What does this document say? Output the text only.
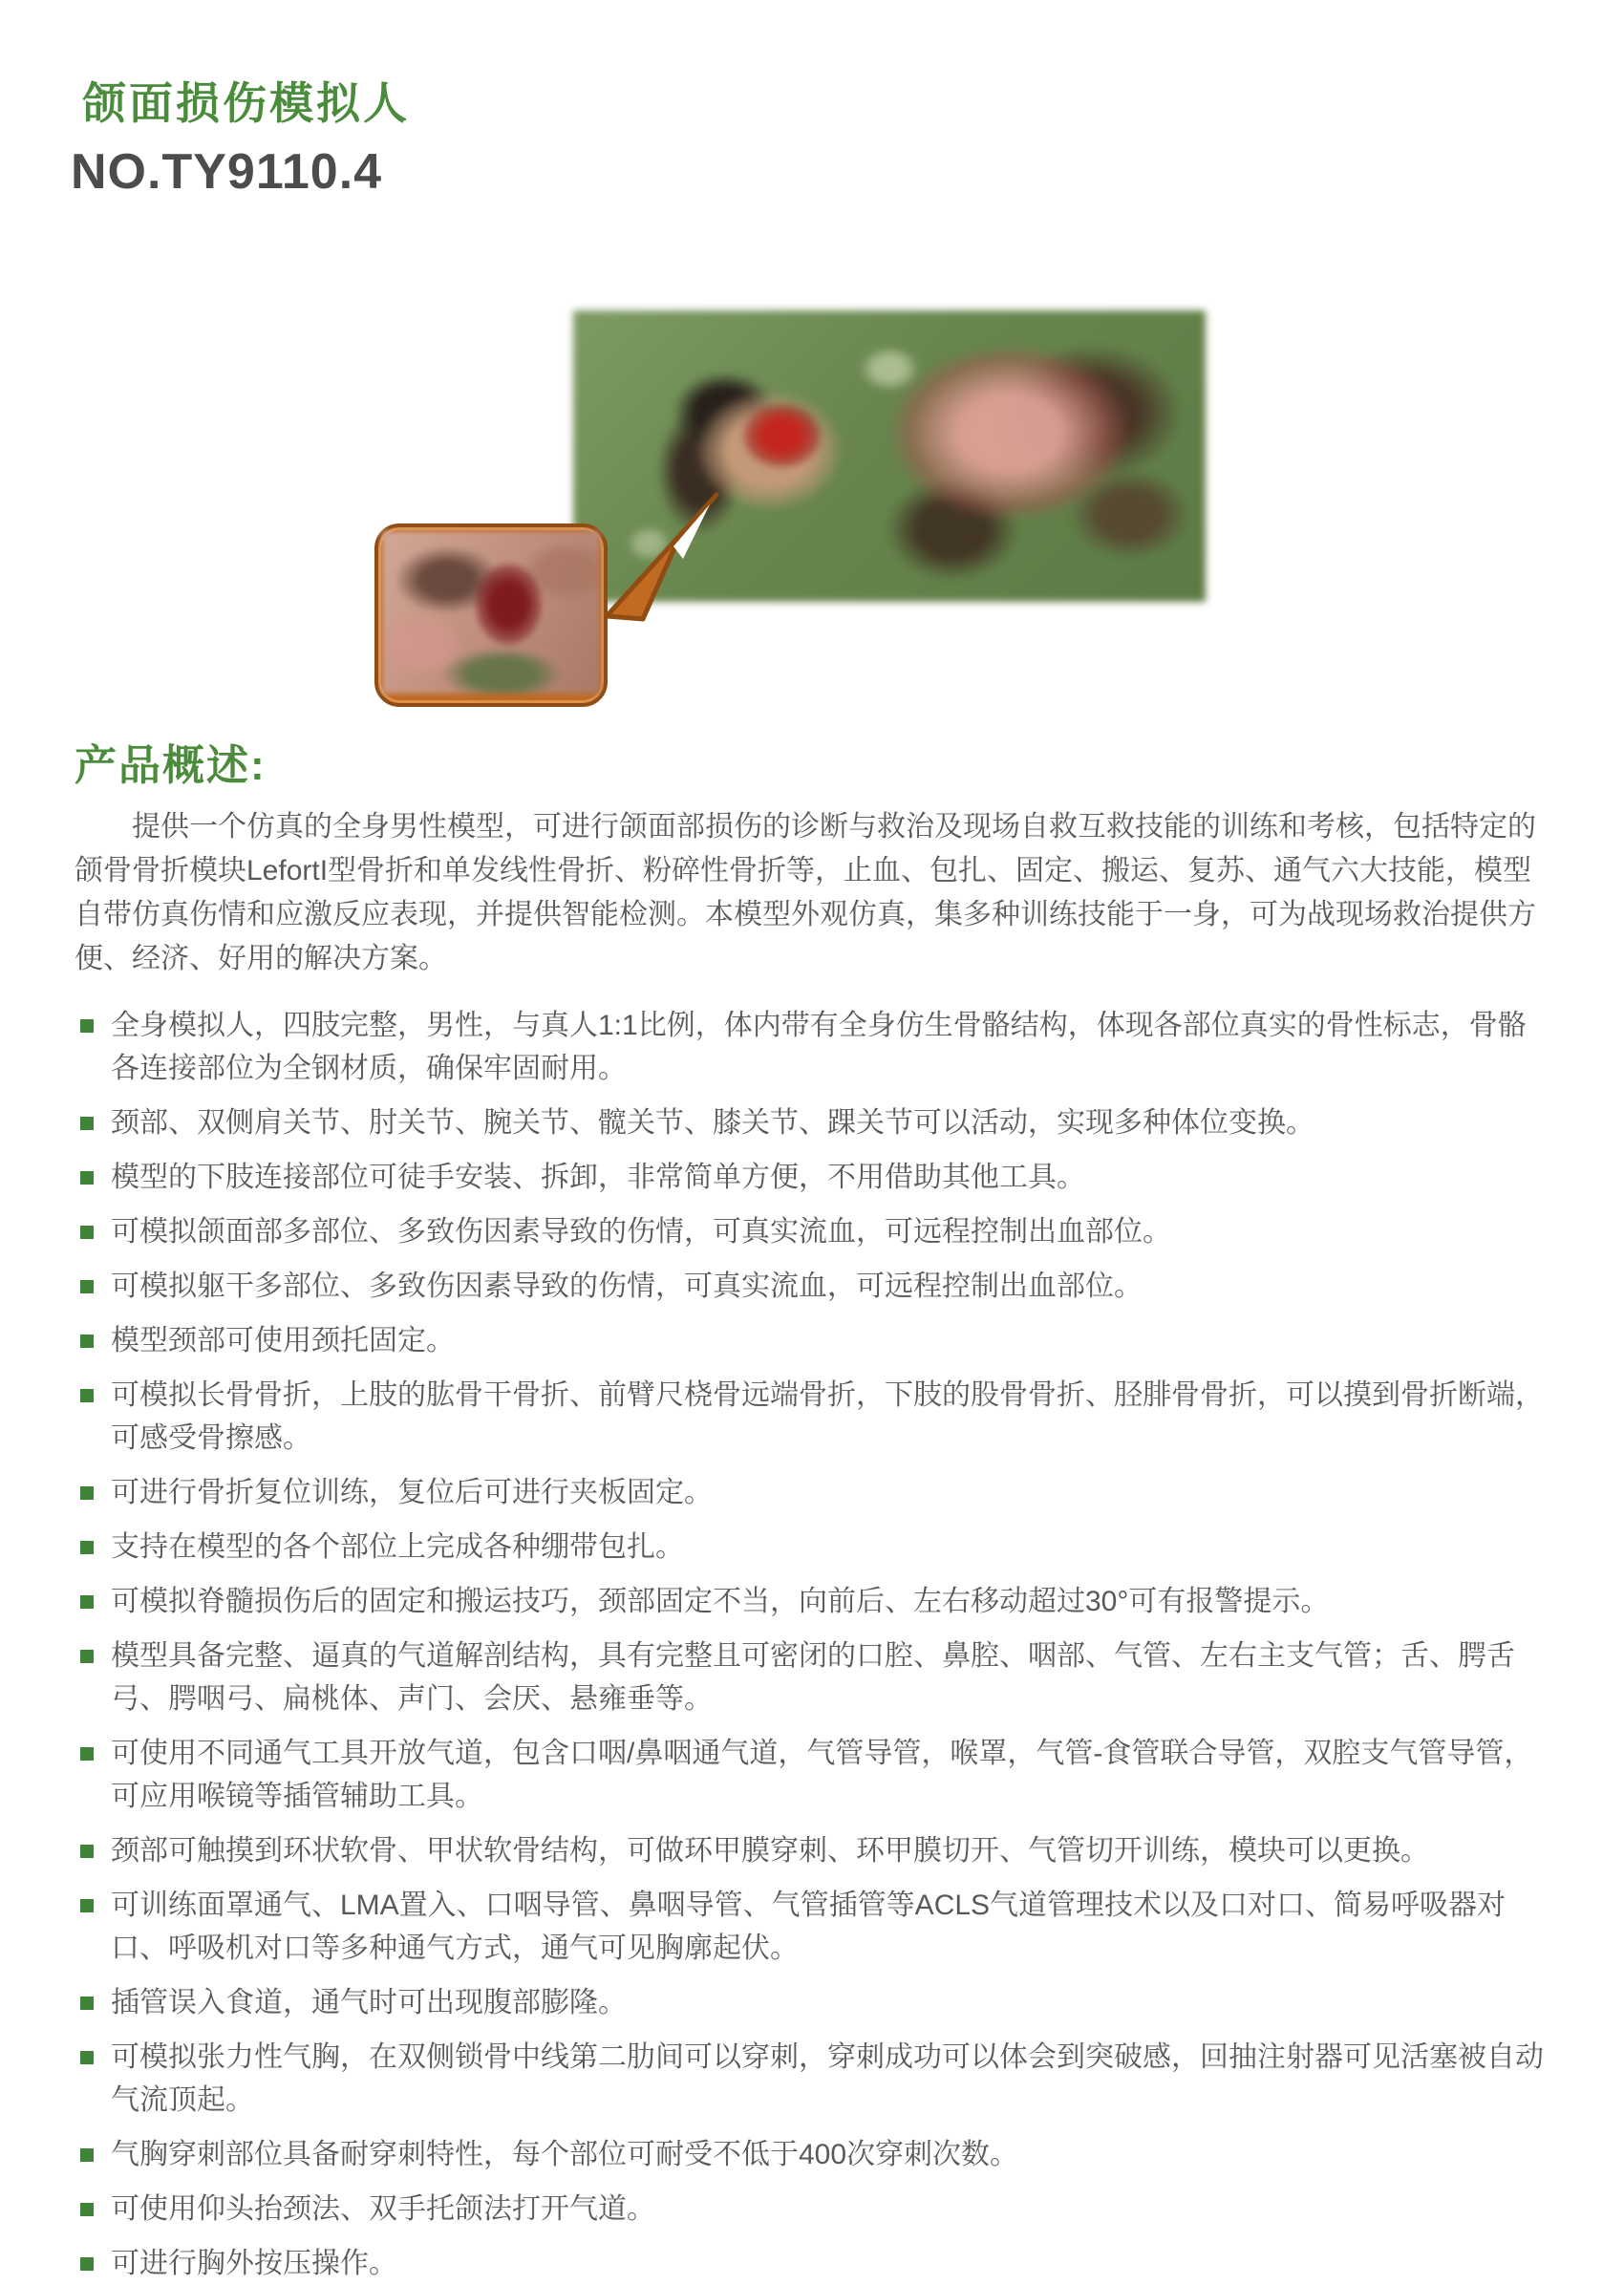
颌面损伤模拟人
NO.TY9110.4
产品概述:

提供一个仿真的全身男性模型，可进行颌面部损伤的诊断与救治及现场自救互救技能的训练和考核，包括特定的颌骨骨折模块LefortI型骨折和单发线性骨折、粉碎性骨折等，止血、包扎、固定、搬运、复苏、通气六大技能，模型自带仿真伤情和应激反应表现，并提供智能检测。本模型外观仿真，集多种训练技能于一身，可为战现场救治提供方便、经济、好用的解决方案。

全身模拟人，四肢完整，男性，与真人1:1比例，体内带有全身仿生骨骼结构，体现各部位真实的骨性标志，骨骼各连接部位为全钢材质，确保牢固耐用。
颈部、双侧肩关节、肘关节、腕关节、髋关节、膝关节、踝关节可以活动，实现多种体位变换。
模型的下肢连接部位可徒手安装、拆卸，非常简单方便，不用借助其他工具。
可模拟颌面部多部位、多致伤因素导致的伤情，可真实流血，可远程控制出血部位。
可模拟躯干多部位、多致伤因素导致的伤情，可真实流血，可远程控制出血部位。
模型颈部可使用颈托固定。
可模拟长骨骨折，上肢的肱骨干骨折、前臂尺桡骨远端骨折，下肢的股骨骨折、胫腓骨骨折，可以摸到骨折断端，可感受骨擦感。
可进行骨折复位训练，复位后可进行夹板固定。
支持在模型的各个部位上完成各种绷带包扎。
可模拟脊髓损伤后的固定和搬运技巧，颈部固定不当，向前后、左右移动超过30°可有报警提示。
模型具备完整、逼真的气道解剖结构，具有完整且可密闭的口腔、鼻腔、咽部、气管、左右主支气管；舌、腭舌弓、腭咽弓、扁桃体、声门、会厌、悬雍垂等。
可使用不同通气工具开放气道，包含口咽/鼻咽通气道，气管导管，喉罩，气管-食管联合导管，双腔支气管导管，可应用喉镜等插管辅助工具。
颈部可触摸到环状软骨、甲状软骨结构，可做环甲膜穿刺、环甲膜切开、气管切开训练，模块可以更换。
可训练面罩通气、LMA置入、口咽导管、鼻咽导管、气管插管等ACLS气道管理技术以及口对口、简易呼吸器对口、呼吸机对口等多种通气方式，通气可见胸廓起伏。
插管误入食道，通气时可出现腹部膨隆。
可模拟张力性气胸，在双侧锁骨中线第二肋间可以穿刺，穿刺成功可以体会到突破感，回抽注射器可见活塞被自动气流顶起。
气胸穿刺部位具备耐穿刺特性，每个部位可耐受不低于400次穿刺次数。
可使用仰头抬颈法、双手托颌法打开气道。
可进行胸外按压操作。
